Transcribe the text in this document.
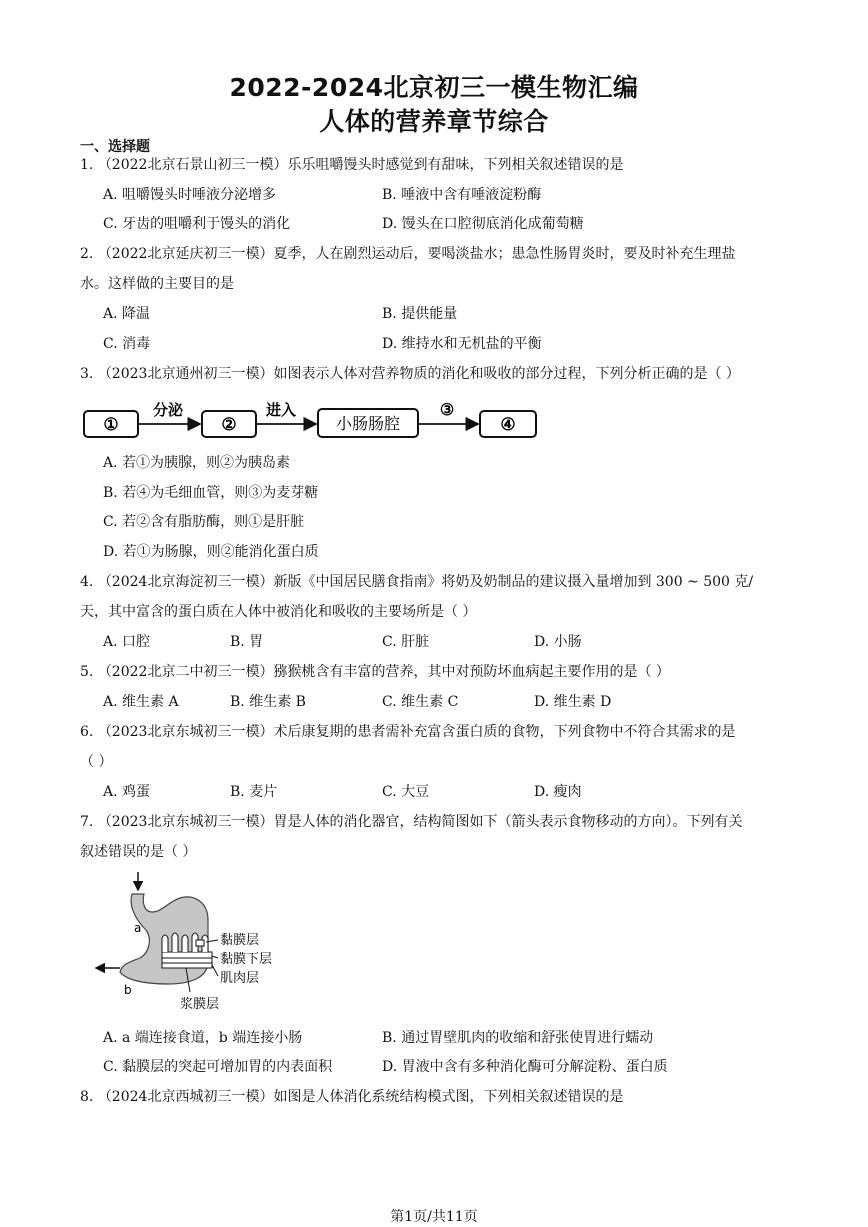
2022-2024北京初三一模生物汇编
人体的营养章节综合
一、选择题
1. （2022北京石景山初三一模）乐乐咀嚼馒头时感觉到有甜味，下列相关叙述错误的是
A. 咀嚼馒头时唾液分泌增多	B. 唾液中含有唾液淀粉酶
C. 牙齿的咀嚼利于馒头的消化	D. 馒头在口腔彻底消化成葡萄糖
2. （2022北京延庆初三一模）夏季，人在剧烈运动后，要喝淡盐水；患急性肠胃炎时，要及时补充生理盐
水。这样做的主要目的是
A. 降温	B. 提供能量
C. 消毒	D. 维持水和无机盐的平衡
3. （2023北京通州初三一模）如图表示人体对营养物质的消化和吸收的部分过程，下列分析正确的是（ ）
①
分泌
②
进入
小肠肠腔
③
④
A. 若①为胰腺，则②为胰岛素
B. 若④为毛细血管，则③为麦芽糖
C. 若②含有脂肪酶，则①是肝脏
D. 若①为肠腺，则②能消化蛋白质
4. （2024北京海淀初三一模）新版《中国居民膳食指南》将奶及奶制品的建议摄入量增加到 300 ~ 500 克/
天，其中富含的蛋白质在人体中被消化和吸收的主要场所是（ ）
A. 口腔	B. 胃	C. 肝脏	D. 小肠
5. （2022北京二中初三一模）猕猴桃含有丰富的营养，其中对预防坏血病起主要作用的是（ ）
A. 维生素 A	B. 维生素 B	C. 维生素 C	D. 维生素 D
6. （2023北京东城初三一模）术后康复期的患者需补充富含蛋白质的食物，下列食物中不符合其需求的是
（ ）
A. 鸡蛋	B. 麦片	C. 大豆	D. 瘦肉
7. （2023北京东城初三一模）胃是人体的消化器官，结构简图如下（箭头表示食物移动的方向）。下列有关
叙述错误的是（ ）
a
b
黏膜层
黏膜下层
肌肉层
浆膜层
A. a 端连接食道，b 端连接小肠	B. 通过胃壁肌肉的收缩和舒张使胃进行蠕动
C. 黏膜层的突起可增加胃的内表面积	D. 胃液中含有多种消化酶可分解淀粉、蛋白质
8. （2024北京西城初三一模）如图是人体消化系统结构模式图，下列相关叙述错误的是
第1页/共11页
